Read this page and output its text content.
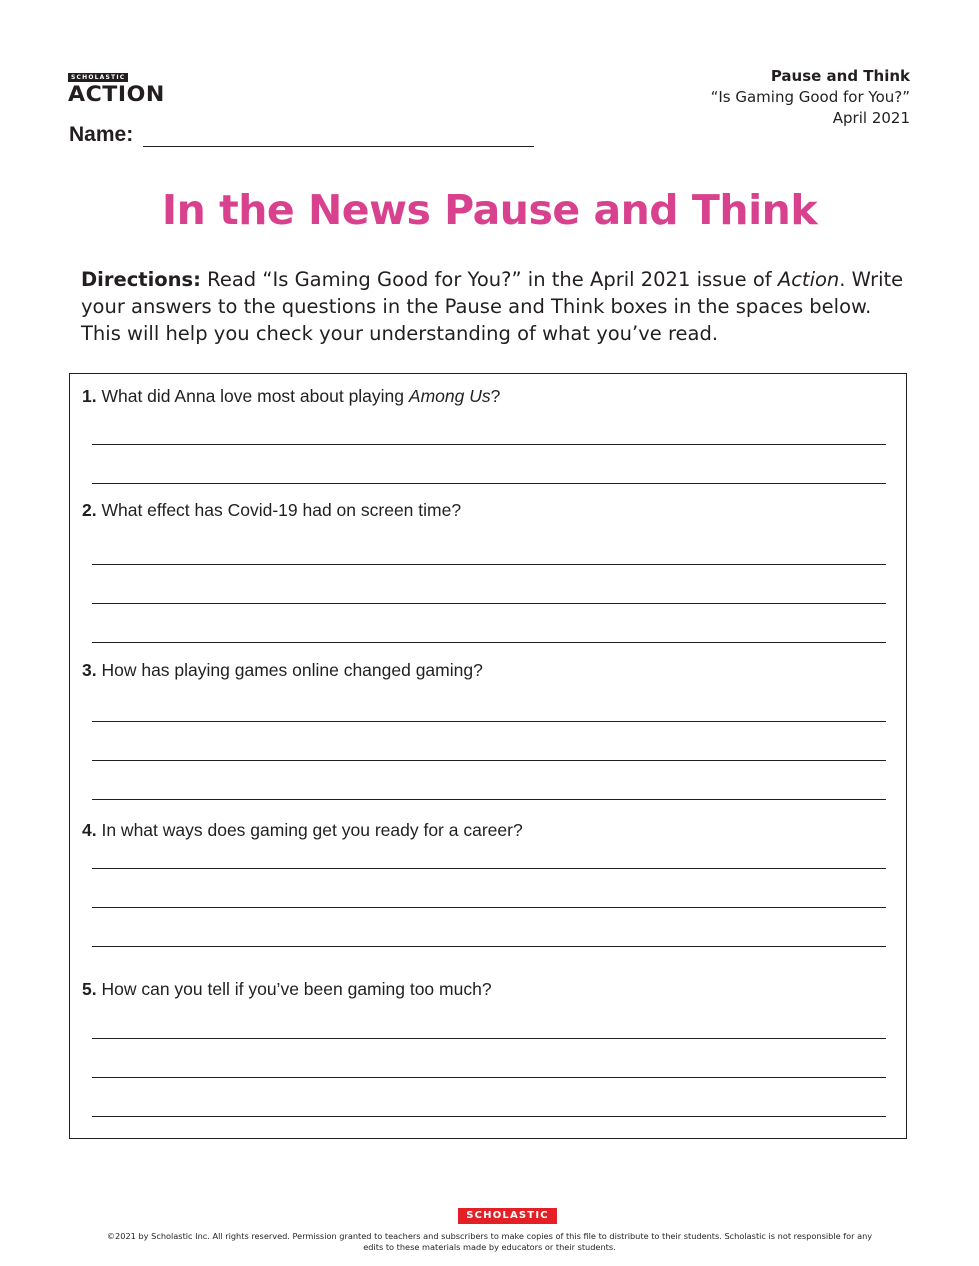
SCHOLASTIC
ACTION
Pause and Think
“Is Gaming Good for You?”
April 2021
Name:
In the News Pause and Think
Directions: Read “Is Gaming Good for You?” in the April 2021 issue of Action. Write your answers to the questions in the Pause and Think boxes in the spaces below. This will help you check your understanding of what you’ve read.
1. What did Anna love most about playing Among Us?
2. What effect has Covid-19 had on screen time?
3. How has playing games online changed gaming?
4. In what ways does gaming get you ready for a career?
5. How can you tell if you’ve been gaming too much?
SCHOLASTIC
©2021 by Scholastic Inc. All rights reserved. Permission granted to teachers and subscribers to make copies of this file to distribute to their students. Scholastic is not responsible for any
edits to these materials made by educators or their students.
